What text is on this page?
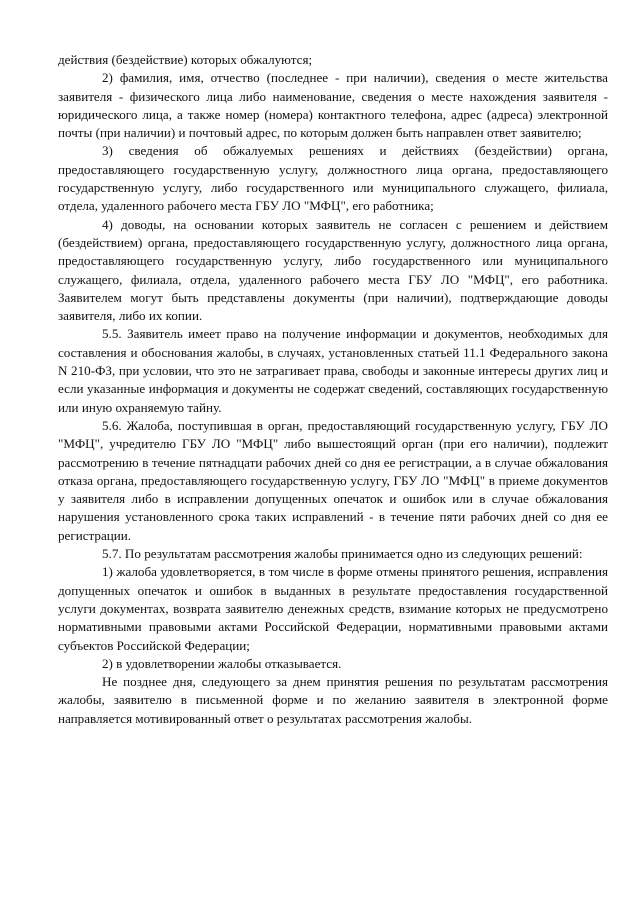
действия (бездействие) которых обжалуются;

2) фамилия, имя, отчество (последнее - при наличии), сведения о месте жительства заявителя - физического лица либо наименование, сведения о месте нахождения заявителя - юридического лица, а также номер (номера) контактного телефона, адрес (адреса) электронной почты (при наличии) и почтовый адрес, по которым должен быть направлен ответ заявителю;

3) сведения об обжалуемых решениях и действиях (бездействии) органа, предоставляющего государственную услугу, должностного лица органа, предоставляющего государственную услугу, либо государственного или муниципального служащего, филиала, отдела, удаленного рабочего места ГБУ ЛО "МФЦ", его работника;

4) доводы, на основании которых заявитель не согласен с решением и действием (бездействием) органа, предоставляющего государственную услугу, должностного лица органа, предоставляющего государственную услугу, либо государственного или муниципального служащего, филиала, отдела, удаленного рабочего места ГБУ ЛО "МФЦ", его работника. Заявителем могут быть представлены документы (при наличии), подтверждающие доводы заявителя, либо их копии.

5.5. Заявитель имеет право на получение информации и документов, необходимых для составления и обоснования жалобы, в случаях, установленных статьей 11.1 Федерального закона N 210-ФЗ, при условии, что это не затрагивает права, свободы и законные интересы других лиц и если указанные информация и документы не содержат сведений, составляющих государственную или иную охраняемую тайну.

5.6. Жалоба, поступившая в орган, предоставляющий государственную услугу, ГБУ ЛО "МФЦ", учредителю ГБУ ЛО "МФЦ" либо вышестоящий орган (при его наличии), подлежит рассмотрению в течение пятнадцати рабочих дней со дня ее регистрации, а в случае обжалования отказа органа, предоставляющего государственную услугу, ГБУ ЛО "МФЦ" в приеме документов у заявителя либо в исправлении допущенных опечаток и ошибок или в случае обжалования нарушения установленного срока таких исправлений - в течение пяти рабочих дней со дня ее регистрации.

5.7. По результатам рассмотрения жалобы принимается одно из следующих решений:

1) жалоба удовлетворяется, в том числе в форме отмены принятого решения, исправления допущенных опечаток и ошибок в выданных в результате предоставления государственной услуги документах, возврата заявителю денежных средств, взимание которых не предусмотрено нормативными правовыми актами Российской Федерации, нормативными правовыми актами субъектов Российской Федерации;

2) в удовлетворении жалобы отказывается.

Не позднее дня, следующего за днем принятия решения по результатам рассмотрения жалобы, заявителю в письменной форме и по желанию заявителя в электронной форме направляется мотивированный ответ о результатах рассмотрения жалобы.
